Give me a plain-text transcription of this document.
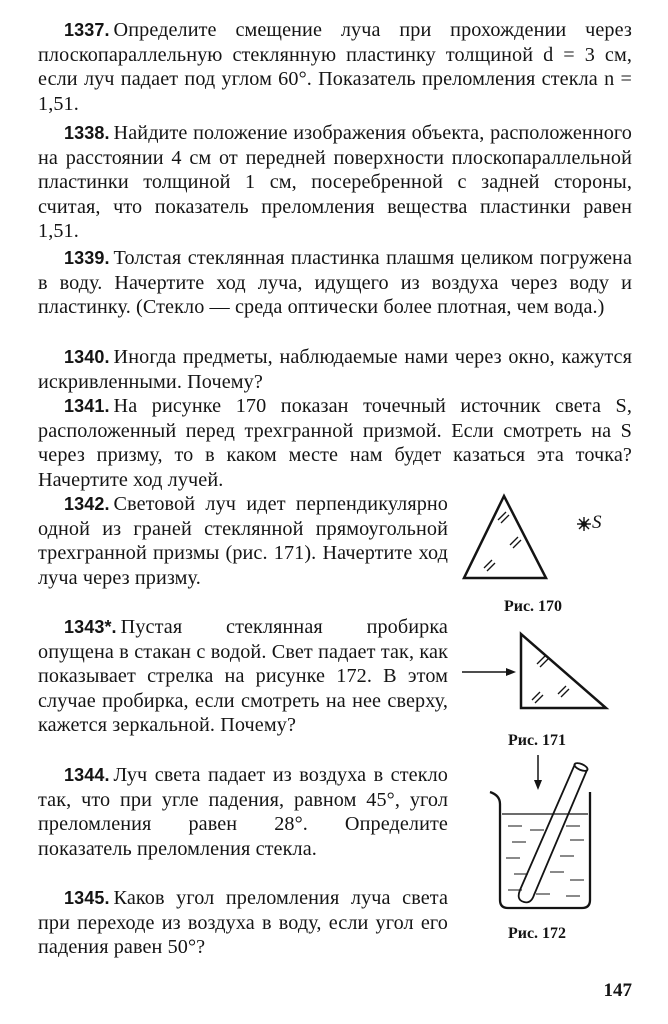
1337. Определите смещение луча при прохождении через плоскопараллельную стеклянную пластинку толщиной d = 3 см, если луч падает под углом 60°. Показатель преломления стекла n = 1,51.

1338. Найдите положение изображения объекта, расположенного на расстоянии 4 см от передней поверхности плоскопараллельной пластинки толщиной 1 см, посеребренной с задней стороны, считая, что показатель преломления вещества пластинки равен 1,51.

1339. Толстая стеклянная пластинка плашмя целиком погружена в воду. Начертите ход луча, идущего из воздуха через воду и пластинку. (Стекло — среда оптически более плотная, чем вода.)

1340. Иногда предметы, наблюдаемые нами через окно, кажутся искривленными. Почему?

1341. На рисунке 170 показан точечный источник света S, расположенный перед трехгранной призмой. Если смотреть на S через призму, то в каком месте нам будет казаться эта точка? Начертите ход лучей.

1342. Световой луч идет перпендикулярно одной из граней стеклянной прямоугольной трехгранной призмы (рис. 171). Начертите ход луча через призму.

1343*. Пустая стеклянная пробирка опущена в стакан с водой. Свет падает так, как показывает стрелка на рисунке 172. В этом случае пробирка, если смотреть на нее сверху, кажется зеркальной. Почему?

1344. Луч света падает из воздуха в стекло так, что при угле падения, равном 45°, угол преломления равен 28°. Определите показатель преломления стекла.

1345. Каков угол преломления луча света при переходе из воздуха в воду, если угол его падения равен 50°?

S
Рис. 170
Рис. 171
Рис. 172
147
